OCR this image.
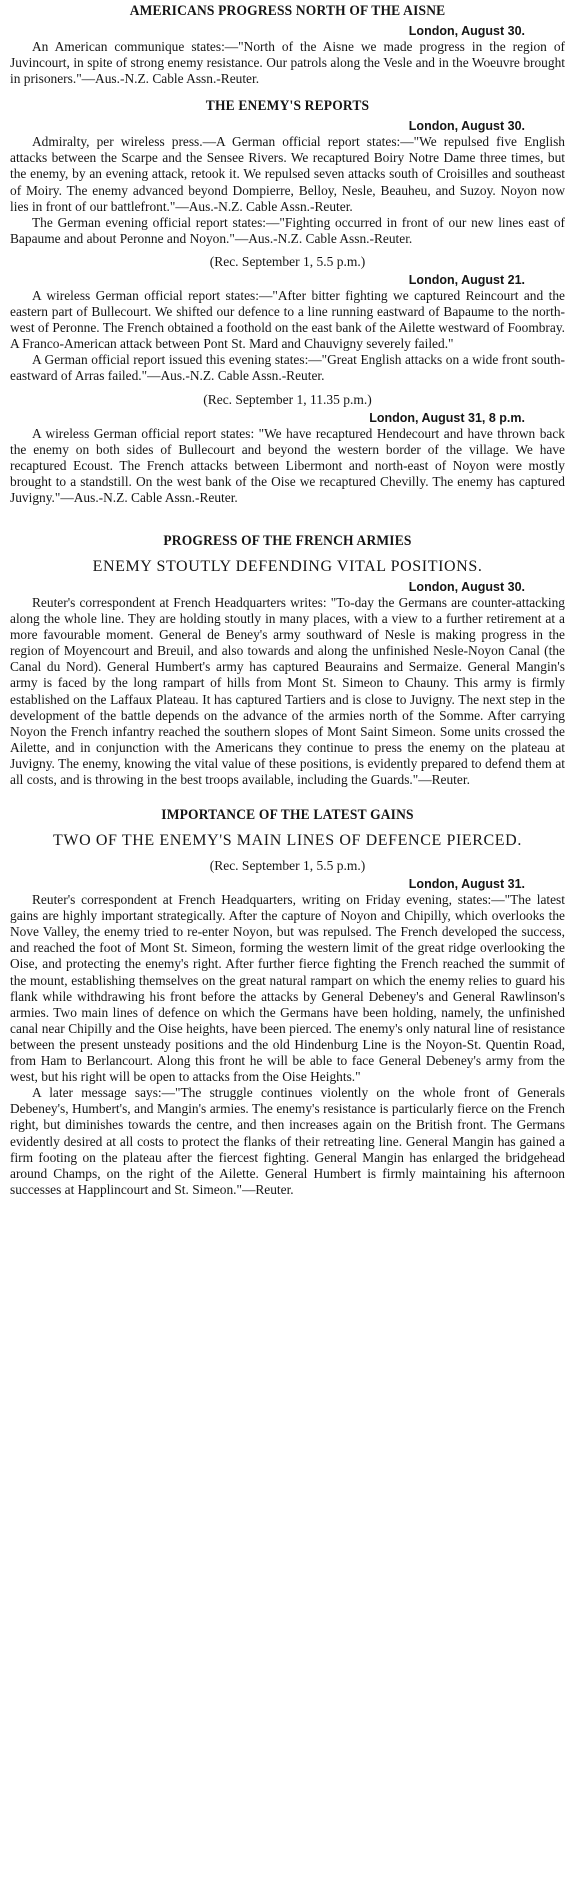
AMERICANS PROGRESS NORTH OF THE AISNE
London, August 30.

An American communique states:—"North of the Aisne we made progress in the region of Juvincourt, in spite of strong enemy resistance. Our patrols along the Vesle and in the Woeuvre brought in prisoners."—Aus.-N.Z. Cable Assn.-Reuter.

THE ENEMY'S REPORTS
London, August 30.

Admiralty, per wireless press.—A German official report states:—"We repulsed five English attacks between the Scarpe and the Sensee Rivers. We recaptured Boiry Notre Dame three times, but the enemy, by an evening attack, retook it. We repulsed seven attacks south of Croisilles and southeast of Moiry. The enemy advanced beyond Dompierre, Belloy, Nesle, Beauheu, and Suzoy. Noyon now lies in front of our battlefront."—Aus.-N.Z. Cable Assn.-Reuter.

The German evening official report states:—"Fighting occurred in front of our new lines east of Bapaume and about Peronne and Noyon."—Aus.-N.Z. Cable Assn.-Reuter.

(Rec. September 1, 5.5 p.m.)
London, August 21.

A wireless German official report states:—"After bitter fighting we captured Reincourt and the eastern part of Bullecourt. We shifted our defence to a line running eastward of Bapaume to the north-west of Peronne. The French obtained a foothold on the east bank of the Ailette westward of Foombray. A Franco-American attack between Pont St. Mard and Chauvigny severely failed."

A German official report issued this evening states:—"Great English attacks on a wide front south-eastward of Arras failed."—Aus.-N.Z. Cable Assn.-Reuter.

(Rec. September 1, 11.35 p.m.)
London, August 31, 8 p.m.

A wireless German official report states: "We have recaptured Hendecourt and have thrown back the enemy on both sides of Bullecourt and beyond the western border of the village. We have recaptured Ecoust. The French attacks between Libermont and north-east of Noyon were mostly brought to a standstill. On the west bank of the Oise we recaptured Chevilly. The enemy has captured Juvigny."—Aus.-N.Z. Cable Assn.-Reuter.

PROGRESS OF THE FRENCH ARMIES
ENEMY STOUTLY DEFENDING VITAL POSITIONS.
London, August 30.

Reuter's correspondent at French Headquarters writes: "To-day the Germans are counter-attacking along the whole line. They are holding stoutly in many places, with a view to a further retirement at a more favourable moment. General de Beney's army southward of Nesle is making progress in the region of Moyencourt and Breuil, and also towards and along the unfinished Nesle-Noyon Canal (the Canal du Nord). General Humbert's army has captured Beaurains and Sermaize. General Mangin's army is faced by the long rampart of hills from Mont St. Simeon to Chauny. This army is firmly established on the Laffaux Plateau. It has captured Tartiers and is close to Juvigny. The next step in the development of the battle depends on the advance of the armies north of the Somme. After carrying Noyon the French infantry reached the southern slopes of Mont Saint Simeon. Some units crossed the Ailette, and in conjunction with the Americans they continue to press the enemy on the plateau at Juvigny. The enemy, knowing the vital value of these positions, is evidently prepared to defend them at all costs, and is throwing in the best troops available, including the Guards."—Reuter.

IMPORTANCE OF THE LATEST GAINS
TWO OF THE ENEMY'S MAIN LINES OF DEFENCE PIERCED.
(Rec. September 1, 5.5 p.m.)
London, August 31.

Reuter's correspondent at French Headquarters, writing on Friday evening, states:—"The latest gains are highly important strategically. After the capture of Noyon and Chipilly, which overlooks the Nove Valley, the enemy tried to re-enter Noyon, but was repulsed. The French developed the success, and reached the foot of Mont St. Simeon, forming the western limit of the great ridge overlooking the Oise, and protecting the enemy's right. After further fierce fighting the French reached the summit of the mount, establishing themselves on the great natural rampart on which the enemy relies to guard his flank while withdrawing his front before the attacks by General Debeney's and General Rawlinson's armies. Two main lines of defence on which the Germans have been holding, namely, the unfinished canal near Chipilly and the Oise heights, have been pierced. The enemy's only natural line of resistance between the present unsteady positions and the old Hindenburg Line is the Noyon-St. Quentin Road, from Ham to Berlancourt. Along this front he will be able to face General Debeney's army from the west, but his right will be open to attacks from the Oise Heights."

A later message says:—"The struggle continues violently on the whole front of Generals Debeney's, Humbert's, and Mangin's armies. The enemy's resistance is particularly fierce on the French right, but diminishes towards the centre, and then increases again on the British front. The Germans evidently desired at all costs to protect the flanks of their retreating line. General Mangin has gained a firm footing on the plateau after the fiercest fighting. General Mangin has enlarged the bridgehead around Champs, on the right of the Ailette. General Humbert is firmly maintaining his afternoon successes at Happlincourt and St. Simeon."—Reuter.
